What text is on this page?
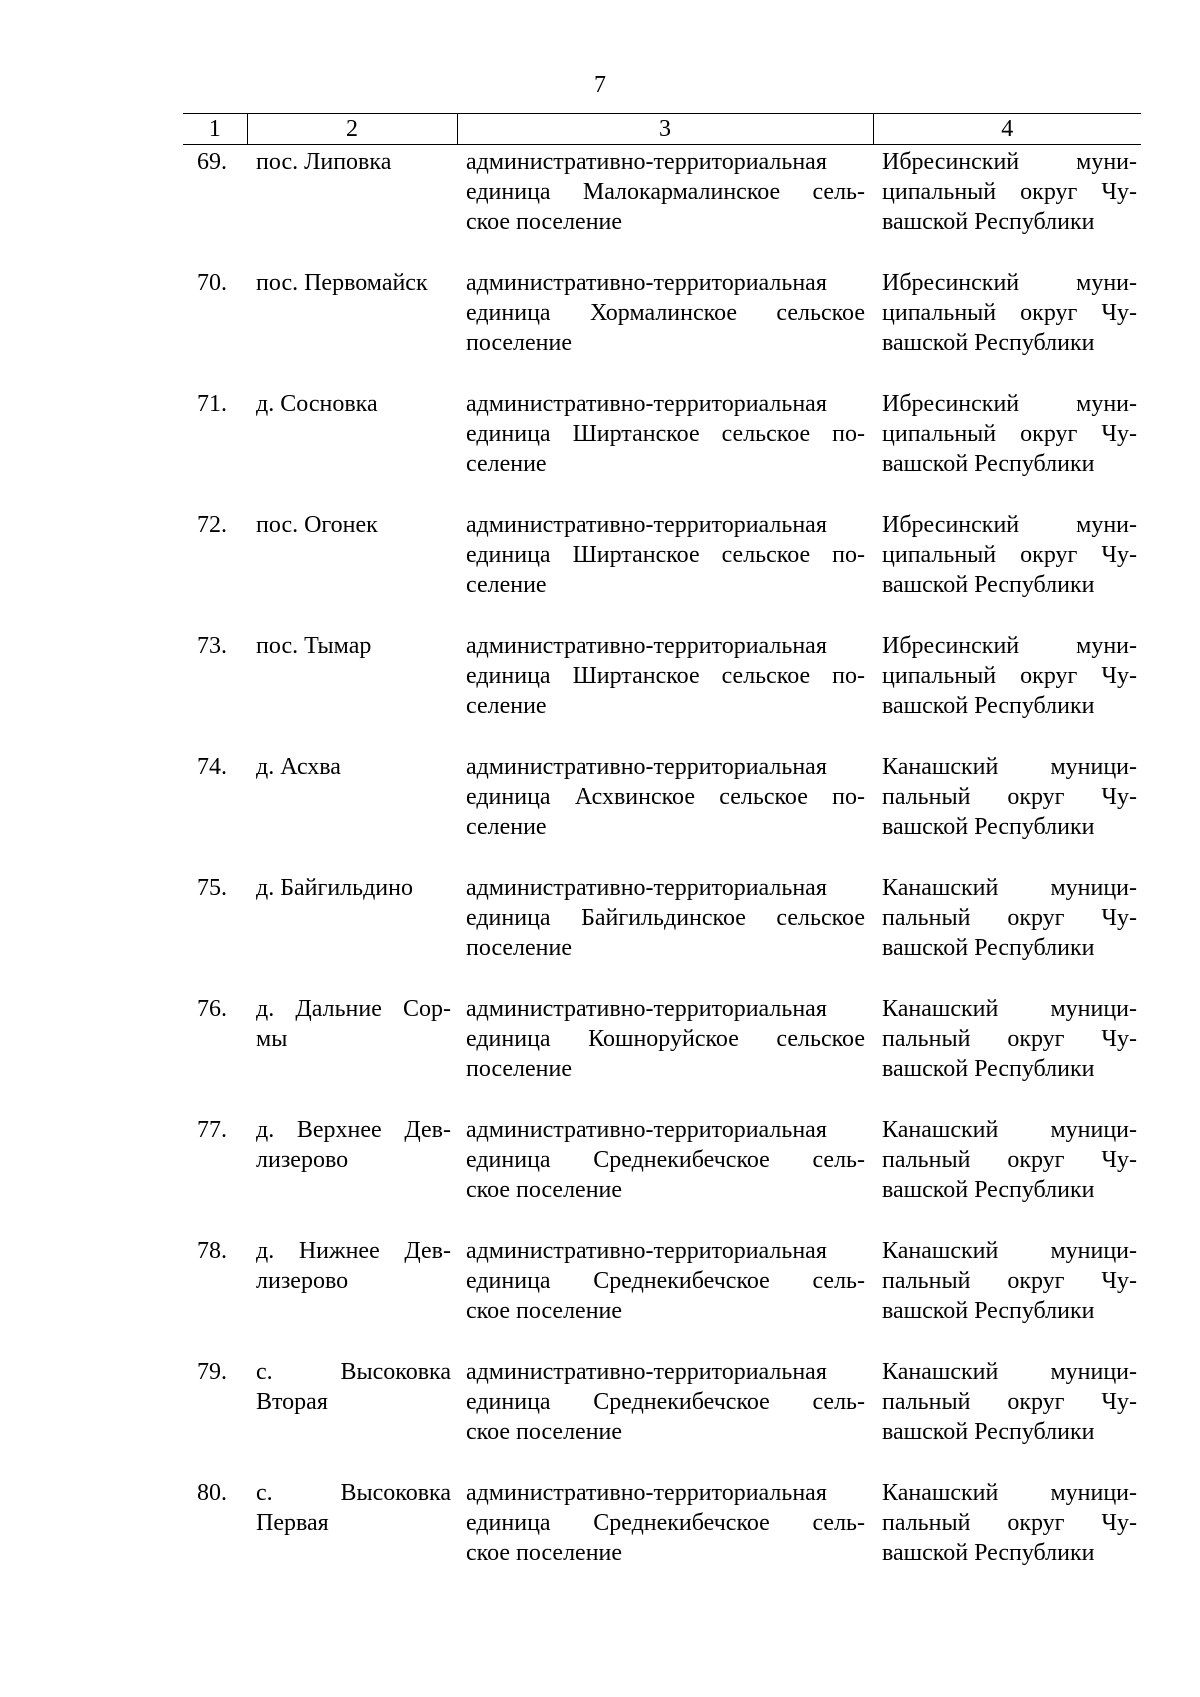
7
1	2	3	4
69.	пос. Липовка	административно-территориальная
единица Малокармалинское сель-
ское поселение	Ибресинский муни-
ципальный округ Чу-
вашской Республики

70.	пос. Первомайск	административно-территориальная
единица Хормалинское сельское
поселение	Ибресинский муни-
ципальный округ Чу-
вашской Республики

71.	д. Сосновка	административно-территориальная
единица Ширтанское сельское по-
селение	Ибресинский муни-
ципальный округ Чу-
вашской Республики

72.	пос. Огонек	административно-территориальная
единица Ширтанское сельское по-
селение	Ибресинский муни-
ципальный округ Чу-
вашской Республики

73.	пос. Тымар	административно-территориальная
единица Ширтанское сельское по-
селение	Ибресинский муни-
ципальный округ Чу-
вашской Республики

74.	д. Асхва	административно-территориальная
единица Асхвинское сельское по-
селение	Канашский муници-
пальный округ Чу-
вашской Республики

75.	д. Байгильдино	административно-территориальная
единица Байгильдинское сельское
поселение	Канашский муници-
пальный округ Чу-
вашской Республики

76.	д. Дальние Сор-
мы	административно-территориальная
единица Кошноруйское сельское
поселение	Канашский муници-
пальный округ Чу-
вашской Республики

77.	д. Верхнее Дев-
лизерово	административно-территориальная
единица Среднекибечское сель-
ское поселение	Канашский муници-
пальный округ Чу-
вашской Республики

78.	д. Нижнее Дев-
лизерово	административно-территориальная
единица Среднекибечское сель-
ское поселение	Канашский муници-
пальный округ Чу-
вашской Республики

79.	с. Высоковка
Вторая	административно-территориальная
единица Среднекибечское сель-
ское поселение	Канашский муници-
пальный округ Чу-
вашской Республики

80.	с. Высоковка
Первая	административно-территориальная
единица Среднекибечское сель-
ское поселение	Канашский муници-
пальный округ Чу-
вашской Республики
